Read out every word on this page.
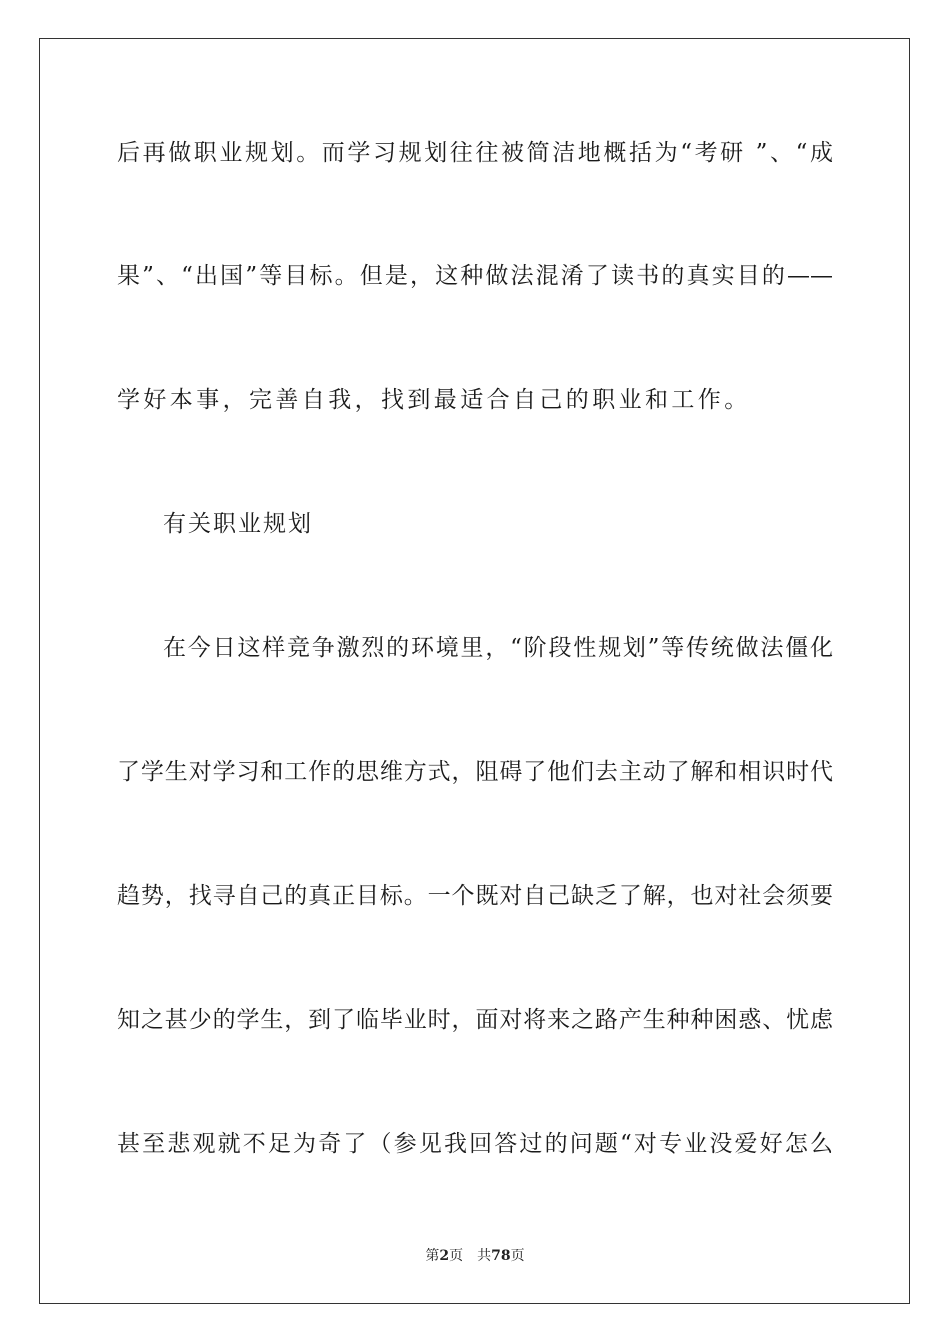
后再做职业规划。而学习规划往往被简洁地概括为“考研 ”、“成
果”、“出国”等目标。但是，这种做法混淆了读书的真实目的——
学好本事，完善自我，找到最适合自己的职业和工作。
有关职业规划
在今日这样竞争激烈的环境里，“阶段性规划”等传统做法僵化
了学生对学习和工作的思维方式，阻碍了他们去主动了解和相识时代
趋势，找寻自己的真正目标。一个既对自己缺乏了解，也对社会须要
知之甚少的学生，到了临毕业时，面对将来之路产生种种困惑、忧虑
甚至悲观就不足为奇了（参见我回答过的问题“对专业没爱好怎么
第2页 共78页
